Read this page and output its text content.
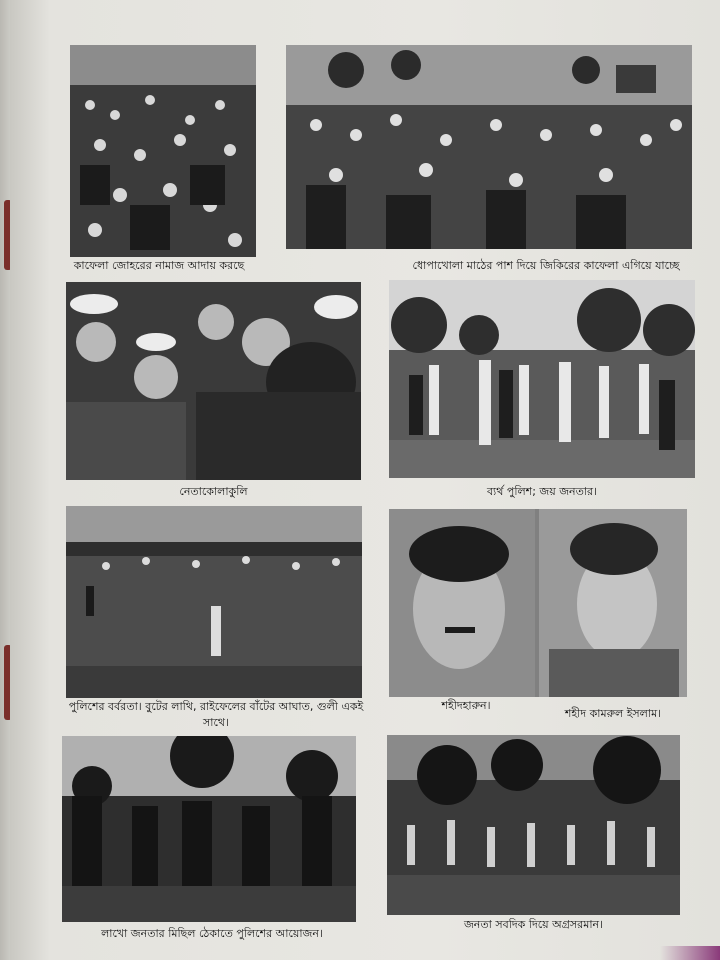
কাফেলা জোহরের নামাজ আদায় করছে	ধোপাখোলা মাঠের পাশ দিয়ে জিকিরের কাফেলা এগিয়ে যাচ্ছে
নেতাকোলাকুলি	ব্যর্থ পুলিশ; জয় জনতার।
পুলিশের বর্বরতা। বুটের লাথি, রাইফেলের বাঁটের আঘাত, গুলী একই সাথে।
শহীদহারুন।
শহীদ কামরুল ইসলাম।
লাখো জনতার মিছিল ঠেকাতে পুলিশের আয়োজন।
জনতা সবদিক দিয়ে অগ্রসরমান।
